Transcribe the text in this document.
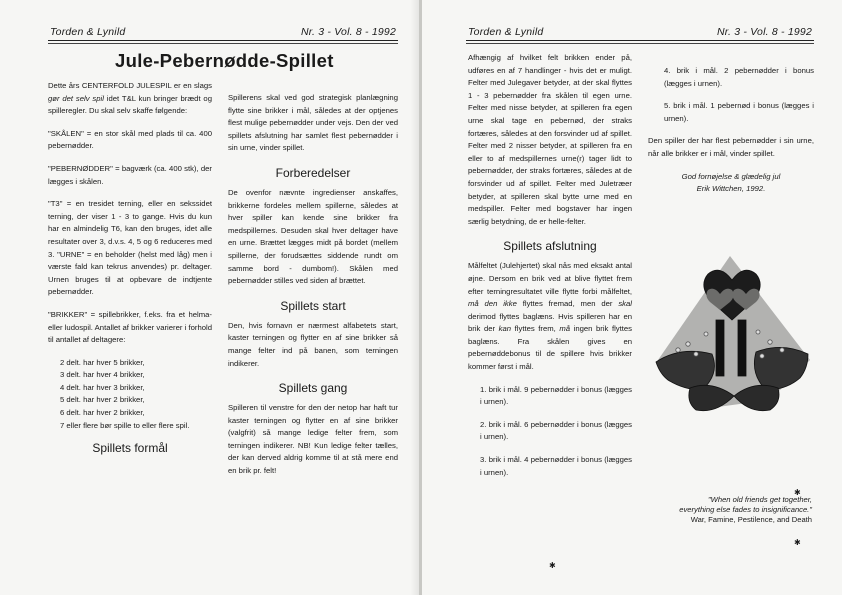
Torden & Lynild	Nr. 3 - Vol. 8 - 1992
Jule-Pebernødde-Spillet

Dette års CENTERFOLD JULESPIL er en slags gør det selv spil idet T&L kun bringer brædt og spilleregler. Du skal selv skaffe følgende:

"SKÅLEN" = en stor skål med plads til ca. 400 pebernødder.

"PEBERNØDDER" = bagværk (ca. 400 stk), der lægges i skålen.

"T3" = en tresidet terning, eller en sekssidet terning, der viser 1 - 3 to gange. Hvis du kun har en almindelig T6, kan den bruges, idet alle resultater over 3, d.v.s. 4, 5 og 6 reduceres med 3. "URNE" = en beholder (helst med låg) men i værste fald kan tekrus anvendes) pr. deltager. Urnen bruges til at opbevare de indtjente pebernødder.

"BRIKKER" = spillebrikker, f.eks. fra et helma- eller ludospil. Antallet af brikker varierer i forhold til antallet af deltagere:

2 delt. har hver 5 brikker,
3 delt. har hver 4 brikker,
4 delt. har hver 3 brikker,
5 delt. har hver 2 brikker,
6 delt. har hver 2 brikker,
7 eller flere bør spille to eller flere spil.
Spillets formål

Spillerens skal ved god strategisk planlægning flytte sine brikker i mål, således at der optjenes flest mulige pebernødder under vejs. Den der ved spillets afslutning har samlet flest pebernødder i sin urne, vinder spillet.

Forberedelser

De ovenfor nævnte ingredienser anskaffes, brikkerne fordeles mellem spillerne, således at hver spiller kan kende sine brikker fra medspillernes. Desuden skal hver deltager have en urne. Brættet lægges midt på bordet (mellem spillerne, der forudsættes siddende rundt om samme bord - dumbom!). Skålen med pebernødder stilles ved siden af brættet.

Spillets start

Den, hvis fornavn er nærmest alfabetets start, kaster terningen og flytter en af sine brikker så mange felter ind på banen, som terningen indikerer.

Spillets gang

Spilleren til venstre for den der netop har haft tur kaster terningen og flytter en af sine brikker (valgfrit) så mange ledige felter frem, som terningen indikerer. NB! Kun ledige felter tælles, der kan derved aldrig komme til at stå mere end en brik pr. felt!

Torden & Lynild	Nr. 3 - Vol. 8 - 1992

Afhængig af hvilket felt brikken ender på, udføres en af 7 handlinger - hvis det er muligt. Felter med Julegaver betyder, at der skal flyttes 1 - 3 pebernødder fra skålen til egen urne. Felter med nisse betyder, at spilleren fra egen urne skal tage en pebernød, der straks fortæres, således at den forsvinder ud af spillet. Felter med 2 nisser betyder, at spilleren fra en eller to af medspillernes urne(r) tager lidt to pebernødder, der straks fortæres, således at de forsvinder ud af spillet. Felter med Juletræer betyder, at spilleren skal bytte urne med en medspiller. Felter med bogstaver har ingen særlig betydning, de er helle-felter.

Spillets afslutning

Målfeltet (Julehjertet) skal nås med eksakt antal øjne. Dersom en brik ved at blive flyttet frem efter terningresultatet ville flytte forbi målfeltet, må den ikke flyttes fremad, men der skal derimod flyttes baglæns. Hvis spilleren har en brik der kan flyttes frem, må ingen brik flyttes baglæns. Fra skålen gives en pebernøddebonus til de spillere hvis brikker kommer først i mål.

1. brik i mål. 9 pebernødder i bonus (lægges i urnen).

2. brik i mål. 6 pebernødder i bonus (lægges i urnen).

3. brik i mål. 4 pebernødder i bonus (lægges i urnen).

4. brik i mål. 2 pebernødder i bonus (lægges i urnen).

5. brik i mål. 1 pebernød i bonus (lægges i urnen).

Den spiller der har flest pebernødder i sin urne, når alle brikker er i mål, vinder spillet.

God fornøjelse & glædelig jul
Erik Wittchen, 1992.
✱
✱
✱
"When old friends get together,
everything else fades to insignificance."
War, Famine, Pestilence, and Death
